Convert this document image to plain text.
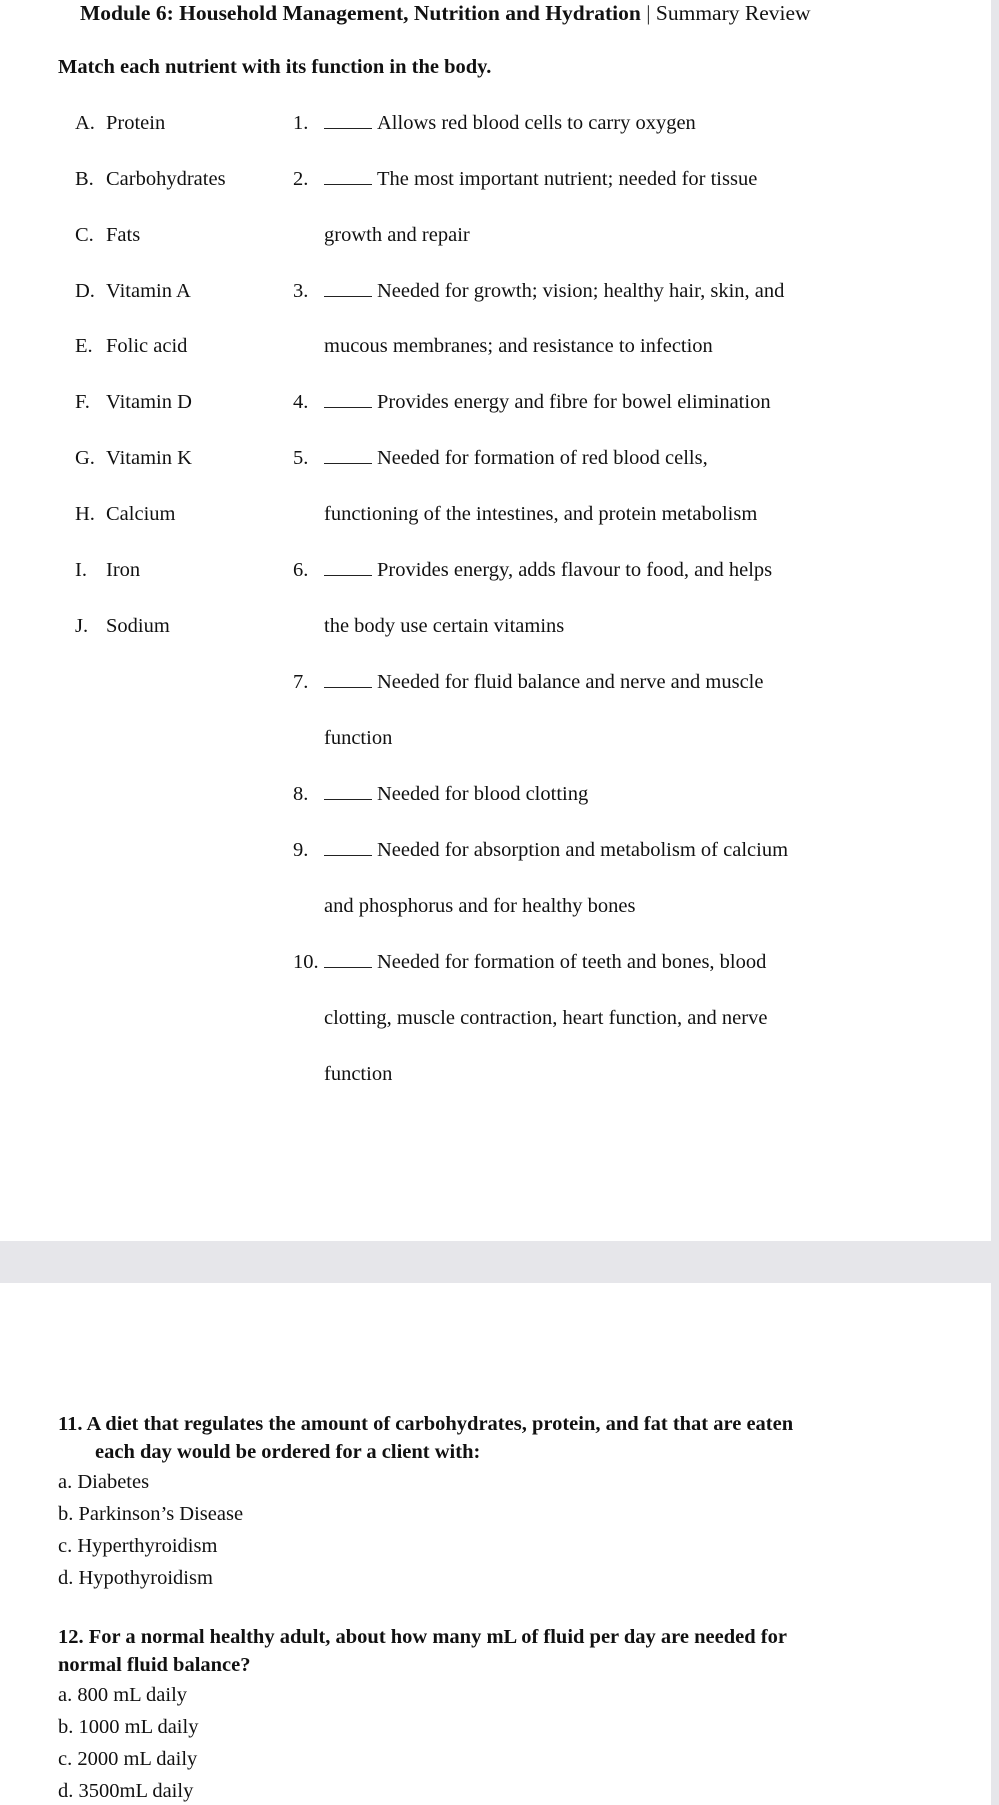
Module 6: Household Management, Nutrition and Hydration | Summary Review
Match each nutrient with its function in the body.
A. Protein
B. Carbohydrates
C. Fats
D. Vitamin A
E. Folic acid
F. Vitamin D
G. Vitamin K
H. Calcium
I. Iron
J. Sodium
1.	Allows red blood cells to carry oxygen
2.	The most important nutrient; needed for tissue
growth and repair
3.	Needed for growth; vision; healthy hair, skin, and
mucous membranes; and resistance to infection
4.	Provides energy and fibre for bowel elimination
5.	Needed for formation of red blood cells,
functioning of the intestines, and protein metabolism
6.	Provides energy, adds flavour to food, and helps
the body use certain vitamins
7.	Needed for fluid balance and nerve and muscle
function
8.	Needed for blood clotting
9.	Needed for absorption and metabolism of calcium
and phosphorus and for healthy bones
10.	Needed for formation of teeth and bones, blood
clotting, muscle contraction, heart function, and nerve
function
11. A diet that regulates the amount of carbohydrates, protein, and fat that are eaten
each day would be ordered for a client with:
a. Diabetes
b. Parkinson’s Disease
c. Hyperthyroidism
d. Hypothyroidism
12. For a normal healthy adult, about how many mL of fluid per day are needed for
normal fluid balance?
a. 800 mL daily
b. 1000 mL daily
c. 2000 mL daily
d. 3500mL daily
